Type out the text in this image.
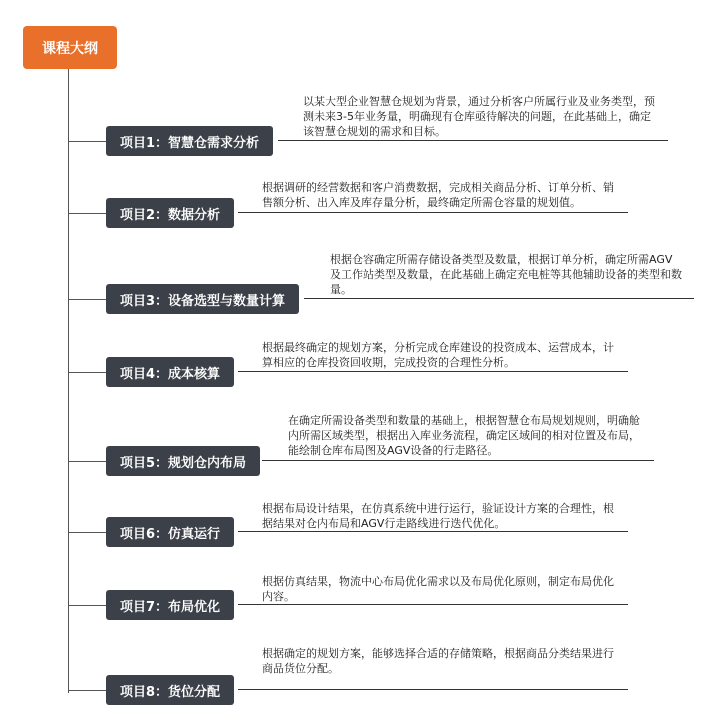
课程大纲
项目1：智慧仓需求分析
以某大型企业智慧仓规划为背景，通过分析客户所属行业及业务类型，预测未来3-5年业务量，明确现有仓库亟待解决的问题，在此基础上，确定该智慧仓规划的需求和目标。
项目2：数据分析
根据调研的经营数据和客户消费数据，完成相关商品分析、订单分析、销售额分析、出入库及库存量分析，最终确定所需仓容量的规划值。
项目3：设备选型与数量计算
根据仓容确定所需存储设备类型及数量，根据订单分析，确定所需AGV及工作站类型及数量，在此基础上确定充电桩等其他辅助设备的类型和数量。
项目4：成本核算
根据最终确定的规划方案，分析完成仓库建设的投资成本、运营成本，计算相应的仓库投资回收期，完成投资的合理性分析。
项目5：规划仓内布局
在确定所需设备类型和数量的基础上，根据智慧仓布局规划规则，明确舱内所需区域类型，根据出入库业务流程，确定区域间的相对位置及布局，能绘制仓库布局图及AGV设备的行走路径。
项目6：仿真运行
根据布局设计结果，在仿真系统中进行运行，验证设计方案的合理性，根据结果对仓内布局和AGV行走路线进行迭代优化。
项目7：布局优化
根据仿真结果，物流中心布局优化需求以及布局优化原则，制定布局优化内容。
项目8：货位分配
根据确定的规划方案，能够选择合适的存储策略，根据商品分类结果进行商品货位分配。
